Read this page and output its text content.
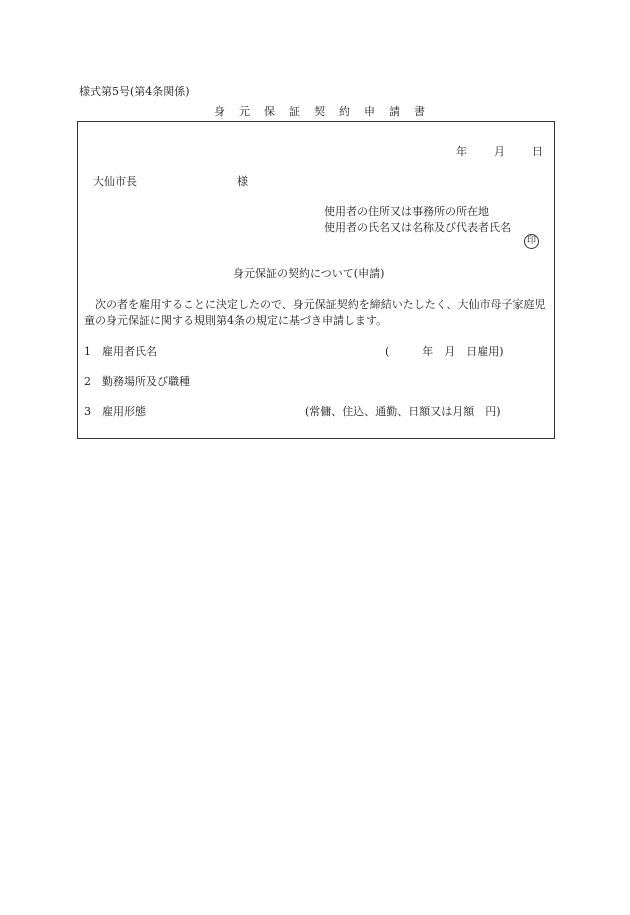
様式第5号(第4条関係)
身元保証契約申請書
年 月 日
大仙市長	様
使用者の住所又は事務所の所在地
使用者の氏名又は名称及び代表者氏名
印
身元保証の契約について(申請)
次の者を雇用することに決定したので、身元保証契約を締結いたしたく、大仙市母子家庭児童の身元保証に関する規則第4条の規定に基づき申請します。
1 雇用者氏名	(　　　年　月　日雇用)
2 勤務場所及び職種
3 雇用形態	(常傭、住込、通勤、日額又は月額　円)
